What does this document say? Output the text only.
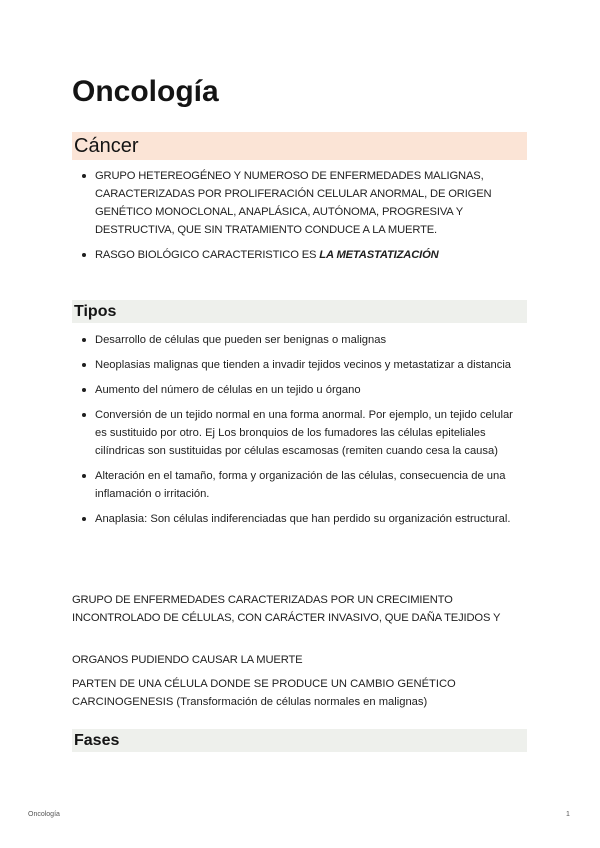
Oncología
Cáncer
GRUPO HETEREOGÉNEO Y NUMEROSO DE ENFERMEDADES MALIGNAS, CARACTERIZADAS POR PROLIFERACIÓN CELULAR ANORMAL, DE ORIGEN GENÉTICO MONOCLONAL, ANAPLÁSICA, AUTÓNOMA, PROGRESIVA Y DESTRUCTIVA, QUE SIN TRATAMIENTO CONDUCE A LA MUERTE.
RASGO BIOLÓGICO CARACTERISTICO ES LA METASTATIZACIÓN
Tipos
Desarrollo de células que pueden ser benignas o malignas
Neoplasias malignas que tienden a invadir tejidos vecinos y metastatizar a distancia
Aumento del número de células en un tejido u órgano
Conversión de un tejido normal en una forma anormal. Por ejemplo, un tejido celular es sustituido por otro. Ej Los bronquios de los fumadores las células epiteliales cilíndricas son sustituidas por células escamosas (remiten cuando cesa la causa)
Alteración en el tamaño, forma y organización de las células, consecuencia de una inflamación o irritación.
Anaplasia: Son células indiferenciadas que han perdido su organización estructural.

GRUPO DE ENFERMEDADES CARACTERIZADAS POR UN CRECIMIENTO INCONTROLADO DE CÉLULAS, CON CARÁCTER INVASIVO, QUE DAÑA TEJIDOS Y

ORGANOS PUDIENDO CAUSAR LA MUERTE

PARTEN DE UNA CÉLULA DONDE SE PRODUCE UN CAMBIO GENÉTICO CARCINOGENESIS (Transformación de células normales en malignas)

Fases
Oncología	1
